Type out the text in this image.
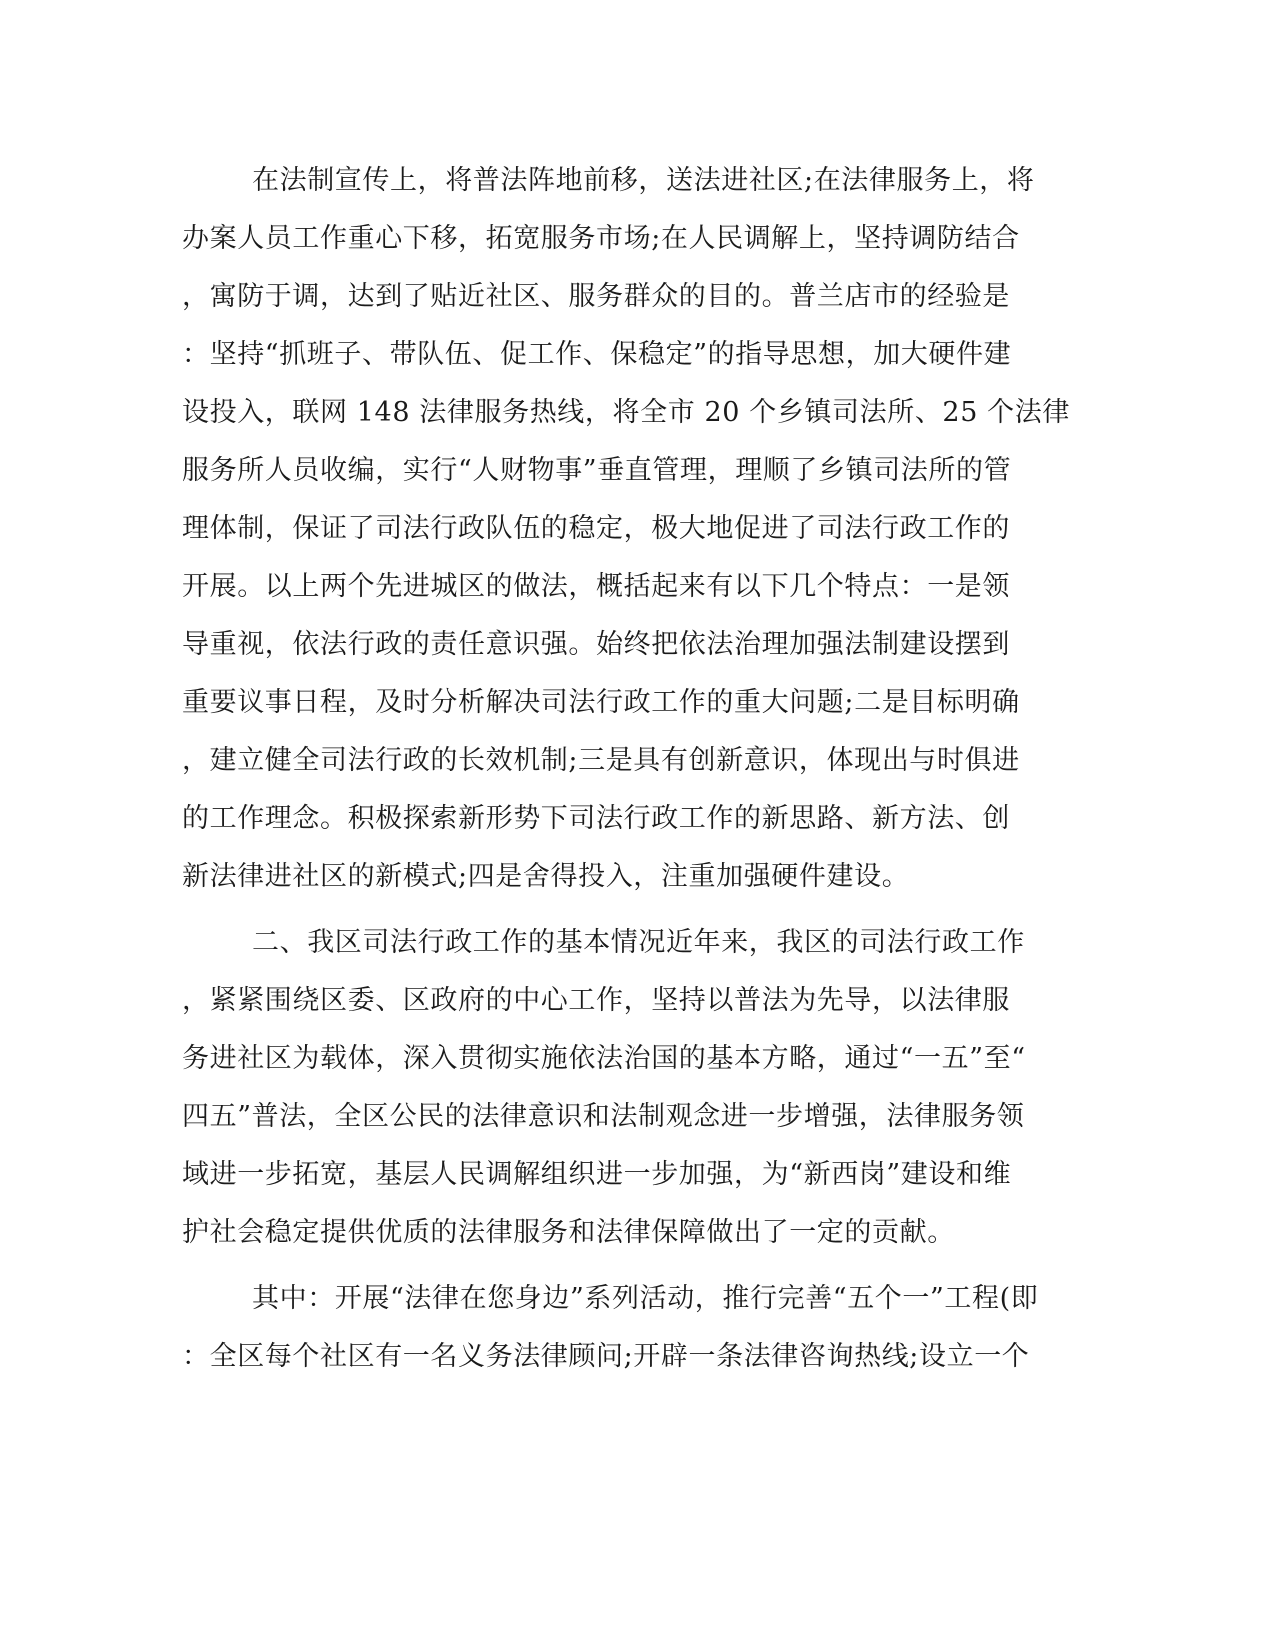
在法制宣传上，将普法阵地前移，送法进社区;在法律服务上，将
办案人员工作重心下移，拓宽服务市场;在人民调解上，坚持调防结合
，寓防于调，达到了贴近社区、服务群众的目的。普兰店市的经验是
：坚持“抓班子、带队伍、促工作、保稳定”的指导思想，加大硬件建
设投入，联网 148 法律服务热线，将全市 20 个乡镇司法所、25 个法律
服务所人员收编，实行“人财物事”垂直管理，理顺了乡镇司法所的管
理体制，保证了司法行政队伍的稳定，极大地促进了司法行政工作的
开展。以上两个先进城区的做法，概括起来有以下几个特点：一是领
导重视，依法行政的责任意识强。始终把依法治理加强法制建设摆到
重要议事日程，及时分析解决司法行政工作的重大问题;二是目标明确
，建立健全司法行政的长效机制;三是具有创新意识，体现出与时俱进
的工作理念。积极探索新形势下司法行政工作的新思路、新方法、创
新法律进社区的新模式;四是舍得投入，注重加强硬件建设。
二、我区司法行政工作的基本情况近年来，我区的司法行政工作
，紧紧围绕区委、区政府的中心工作，坚持以普法为先导，以法律服
务进社区为载体，深入贯彻实施依法治国的基本方略，通过“一五”至“
四五”普法，全区公民的法律意识和法制观念进一步增强，法律服务领
域进一步拓宽，基层人民调解组织进一步加强，为“新西岗”建设和维
护社会稳定提供优质的法律服务和法律保障做出了一定的贡献。
其中：开展“法律在您身边”系列活动，推行完善“五个一”工程(即
：全区每个社区有一名义务法律顾问;开辟一条法律咨询热线;设立一个
